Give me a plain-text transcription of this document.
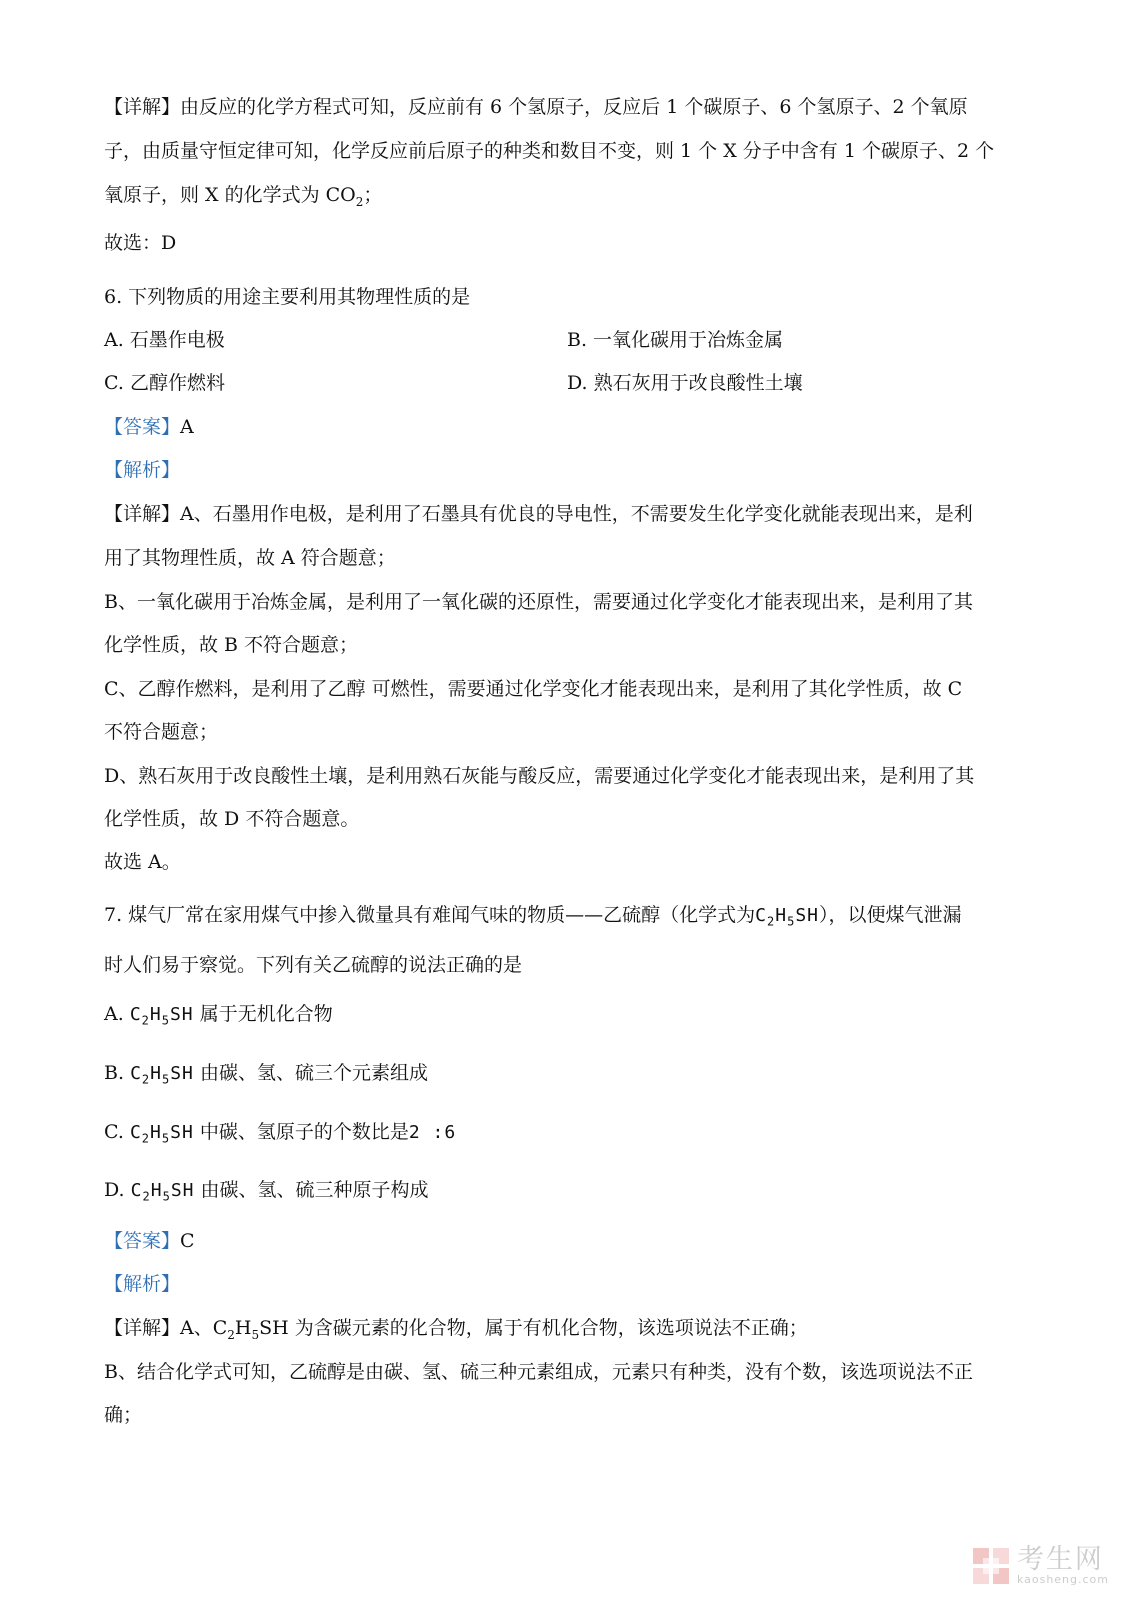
【详解】由反应的化学方程式可知，反应前有 6 个氢原子，反应后 1 个碳原子、6 个氢原子、2 个氧原

子，由质量守恒定律可知，化学反应前后原子的种类和数目不变，则 1 个 X 分子中含有 1 个碳原子、2 个

氧原子，则 X 的化学式为 $CO_2$；

故选：D

6. 下列物质的用途主要利用其物理性质的是

A. 石墨作电极	B. 一氧化碳用于冶炼金属

C. 乙醇作燃料	D. 熟石灰用于改良酸性土壤

【答案】A

【解析】

【详解】A、石墨用作电极，是利用了石墨具有优良的导电性，不需要发生化学变化就能表现出来，是利

用了其物理性质，故 A 符合题意；

B、一氧化碳用于冶炼金属，是利用了一氧化碳的还原性，需要通过化学变化才能表现出来，是利用了其

化学性质，故 B 不符合题意；

C、乙醇作燃料，是利用了乙醇 可燃性，需要通过化学变化才能表现出来，是利用了其化学性质，故 C

不符合题意；

D、熟石灰用于改良酸性土壤，是利用熟石灰能与酸反应，需要通过化学变化才能表现出来，是利用了其

化学性质，故 D 不符合题意。

故选 A。

7. 煤气厂常在家用煤气中掺入微量具有难闻气味的物质——乙硫醇（化学式为$C_2H_5SH$），以便煤气泄漏

时人们易于察觉。下列有关乙硫醇的说法正确的是

A. $C_2H_5SH$ 属于无机化合物

B. $C_2H_5SH$ 由碳、氢、硫三个元素组成

C. $C_2H_5SH$ 中碳、氢原子的个数比是2 :6

D. $C_2H_5SH$ 由碳、氢、硫三种原子构成

【答案】C

【解析】

【详解】A、$C_2H_5SH$ 为含碳元素的化合物，属于有机化合物，该选项说法不正确；

B、结合化学式可知，乙硫醇是由碳、氢、硫三种元素组成，元素只有种类，没有个数，该选项说法不正

确；

考生网
kaosheng.com
